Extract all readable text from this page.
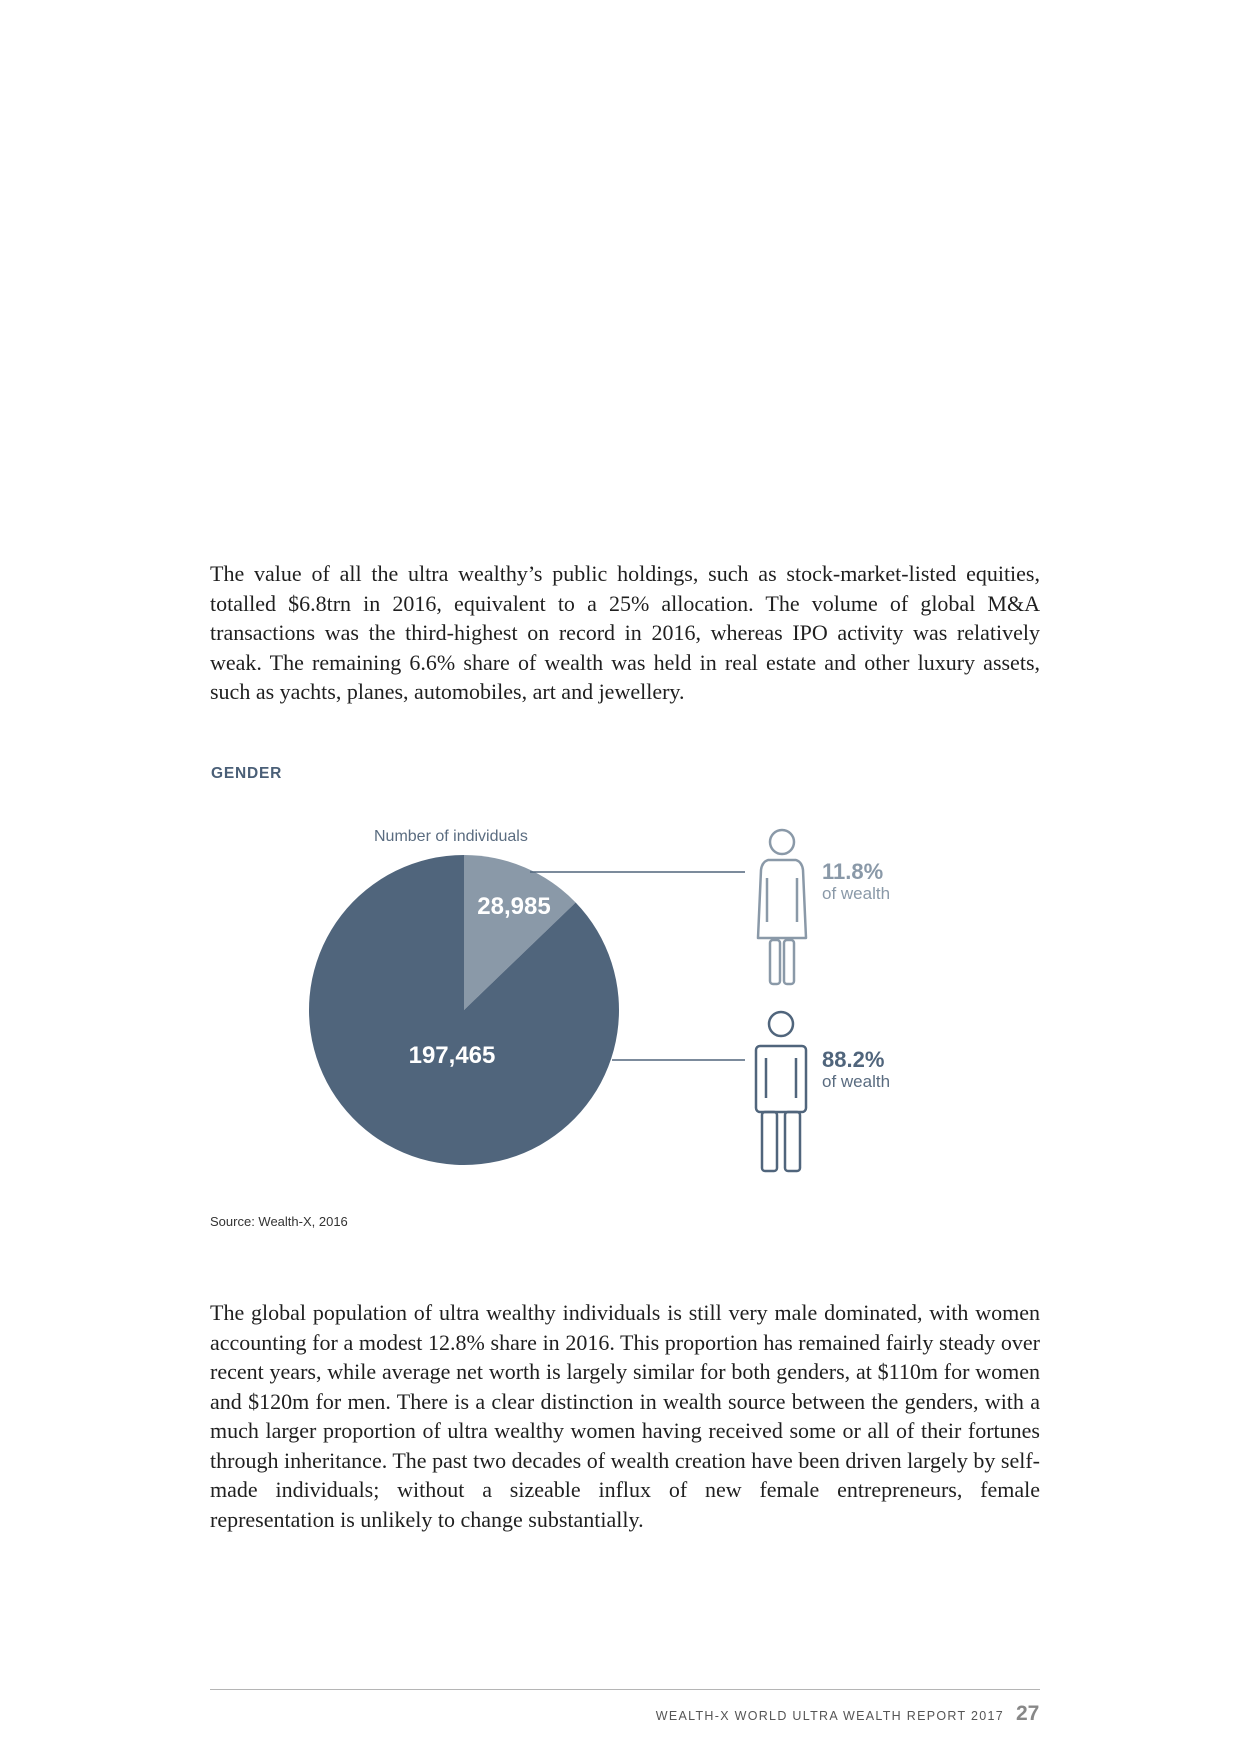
The value of all the ultra wealthy’s public holdings, such as stock-market-listed equities, totalled $6.8trn in 2016, equivalent to a 25% allocation. The volume of global M&A transactions was the third-highest on record in 2016, whereas IPO activity was relatively weak. The remaining 6.6% share of wealth was held in real estate and other luxury assets, such as yachts, planes, automobiles, art and jewellery.

GENDER
Number of individuals
28,985
197,465
11.8%
of wealth
88.2%
of wealth
Source: Wealth-X, 2016

The global population of ultra wealthy individuals is still very male dominated, with women accounting for a modest 12.8% share in 2016. This proportion has remained fairly steady over recent years, while average net worth is largely similar for both genders, at $110m for women and $120m for men. There is a clear distinction in wealth source between the genders, with a much larger proportion of ultra wealthy women having received some or all of their fortunes through inheritance. The past two decades of wealth creation have been driven largely by self-made individuals; without a sizeable influx of new female entrepreneurs, female representation is unlikely to change substantially.

WEALTH-X WORLD ULTRA WEALTH REPORT 2017 27
